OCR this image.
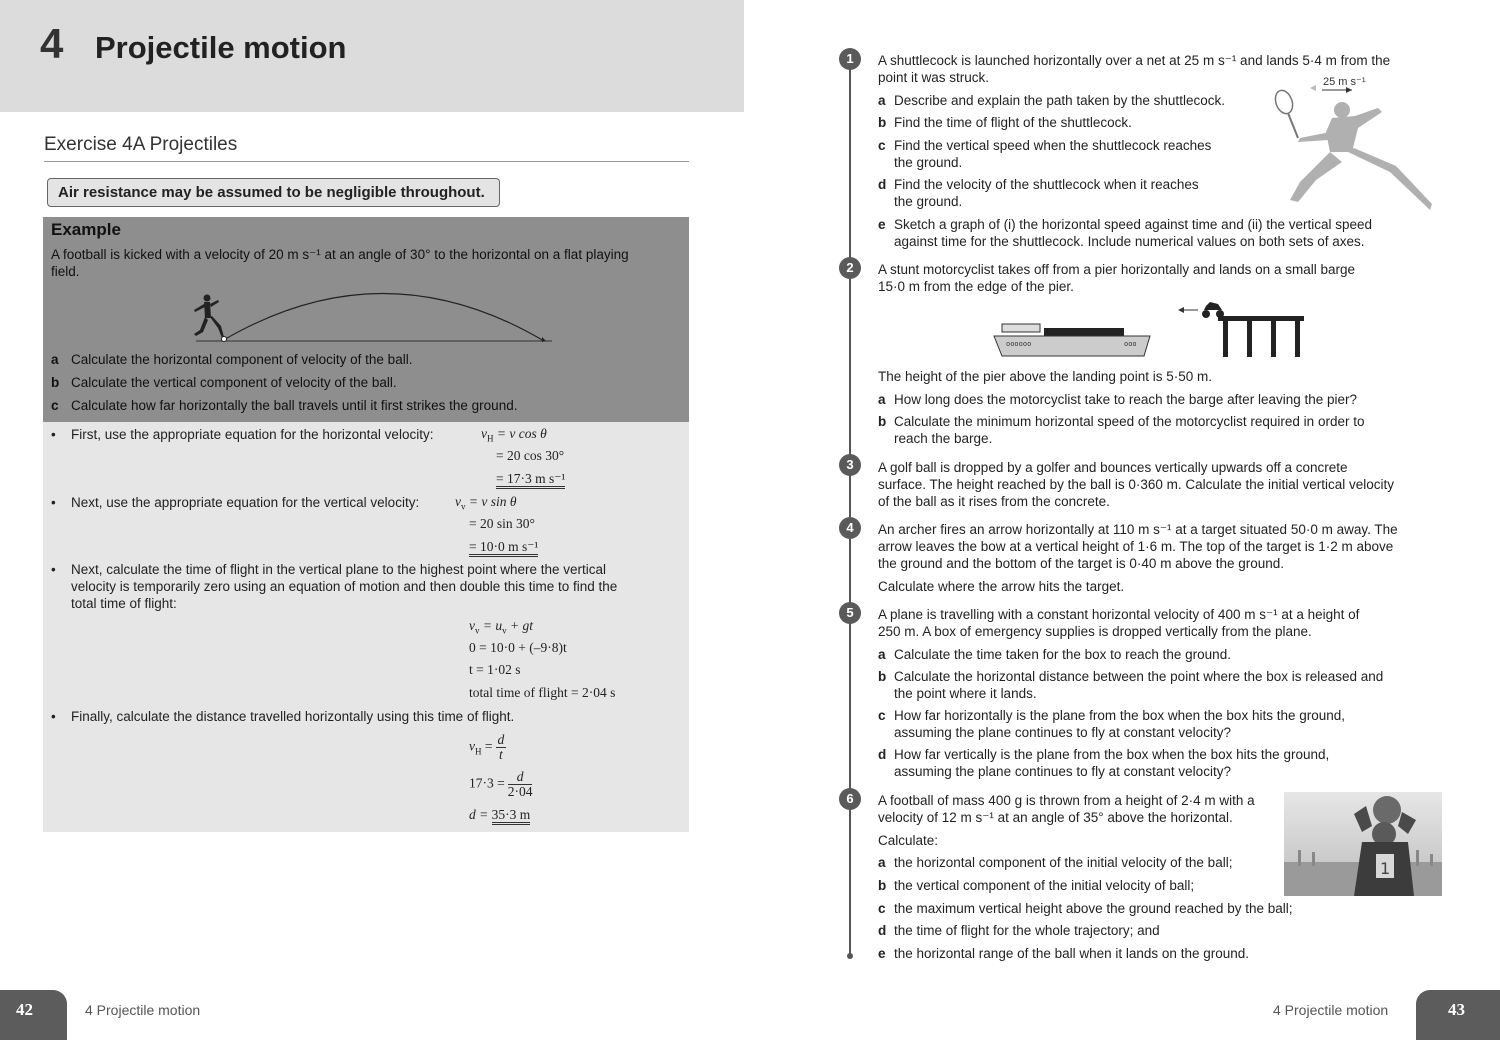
4 Projectile motion
Exercise 4A Projectiles
Air resistance may be assumed to be negligible throughout.
Example
A football is kicked with a velocity of 20 m s⁻¹ at an angle of 30° to the horizontal on a flat playing field.
a Calculate the horizontal component of velocity of the ball.
b Calculate the vertical component of velocity of the ball.
c Calculate how far horizontally the ball travels until it first strikes the ground.
• First, use the appropriate equation for the horizontal velocity:	$v_H = v$ cos θ
= 20 cos 30°
= 17·3 m s⁻¹
• Next, use the appropriate equation for the vertical velocity:	$v_v = v$ sin θ
= 20 sin 30°
= 10·0 m s⁻¹
• Next, calculate the time of flight in the vertical plane to the highest point where the vertical
velocity is temporarily zero using an equation of motion and then double this time to find the
total time of flight:
$v_v = u_v$ + gt
0 = 10·0 + (–9·8)t
t = 1·02 s
total time of flight = 2·04 s
• Finally, calculate the distance travelled horizontally using this time of flight.
$v_H = \frac{d}{t}$
$17\cdot 3 = \frac{d}{2\cdot 04}$
d = 35·3 m
42	4 Projectile motion
1	A shuttlecock is launched horizontally over a net at 25 m s⁻¹ and lands 5·4 m from the
point it was struck.
a Describe and explain the path taken by the shuttlecock.
b Find the time of flight of the shuttlecock.
c Find the vertical speed when the shuttlecock reaches
the ground.
d Find the velocity of the shuttlecock when it reaches
the ground.
e Sketch a graph of (i) the horizontal speed against time and (ii) the vertical speed
against time for the shuttlecock. Include numerical values on both sets of axes.
25 m s⁻¹
2	A stunt motorcyclist takes off from a pier horizontally and lands on a small barge
15·0 m from the edge of the pier.
oooooo	ooo
The height of the pier above the landing point is 5·50 m.
a How long does the motorcyclist take to reach the barge after leaving the pier?
b Calculate the minimum horizontal speed of the motorcyclist required in order to
reach the barge.
3	A golf ball is dropped by a golfer and bounces vertically upwards off a concrete
surface. The height reached by the ball is 0·360 m. Calculate the initial vertical velocity
of the ball as it rises from the concrete.
4	An archer fires an arrow horizontally at 110 m s⁻¹ at a target situated 50·0 m away. The
arrow leaves the bow at a vertical height of 1·6 m. The top of the target is 1·2 m above
the ground and the bottom of the target is 0·40 m above the ground.
Calculate where the arrow hits the target.
5	A plane is travelling with a constant horizontal velocity of 400 m s⁻¹ at a height of
250 m. A box of emergency supplies is dropped vertically from the plane.
a Calculate the time taken for the box to reach the ground.
b Calculate the horizontal distance between the point where the box is released and
the point where it lands.
c How far horizontally is the plane from the box when the box hits the ground,
assuming the plane continues to fly at constant velocity?
d How far vertically is the plane from the box when the box hits the ground,
assuming the plane continues to fly at constant velocity?
6	A football of mass 400 g is thrown from a height of 2·4 m with a
velocity of 12 m s⁻¹ at an angle of 35° above the horizontal.
Calculate:
a the horizontal component of the initial velocity of the ball;
b the vertical component of the initial velocity of ball;
c the maximum vertical height above the ground reached by the ball;
d the time of flight for the whole trajectory; and
e the horizontal range of the ball when it lands on the ground.
1
43
4 Projectile motion
